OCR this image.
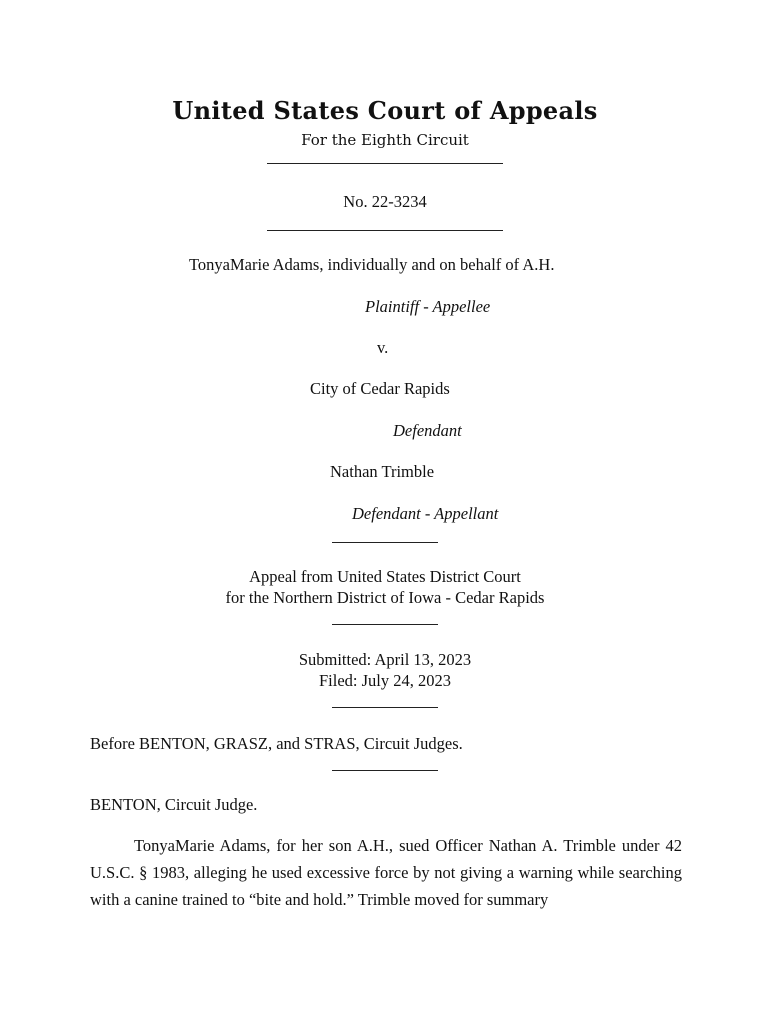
United States Court of Appeals
For the Eighth Circuit
No. 22-3234
TonyaMarie Adams, individually and on behalf of A.H.
Plaintiff - Appellee
v.
City of Cedar Rapids
Defendant
Nathan Trimble
Defendant - Appellant
Appeal from United States District Court
for the Northern District of Iowa - Cedar Rapids
Submitted: April 13, 2023
Filed: July 24, 2023
Before BENTON, GRASZ, and STRAS, Circuit Judges.
BENTON, Circuit Judge.
TonyaMarie Adams, for her son A.H., sued Officer Nathan A. Trimble under 42 U.S.C. § 1983, alleging he used excessive force by not giving a warning while searching with a canine trained to “bite and hold.” Trimble moved for summary
